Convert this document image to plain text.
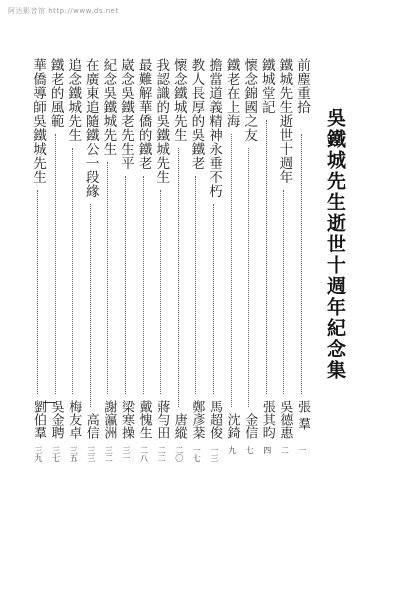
阿达影音馆 http://www.ds.net
吳鐵城先生逝世十週年紀念集
前塵重拾
張 羣
一
鐵城先生逝世十週年
吳德惠
二
鐵城堂記
張其昀
四
懷念錦國之友
金信
七
鐵老在上海
沈錡
九
擔當道義精神永垂不朽
馬超俊
一三
教人長厚的吳鐵老
鄭彥棻
一七
懷念鐵城先生
唐縱
二〇
我認識的吳鐵城先生
蔣勻田
二二
最難解華僑的鐵老
戴愧生
二八
崴念吳鐵老先生平
梁寒操
三一
紀念吳鐵城先生
謝瀛洲
三二
在廣東追隨鐵公一段緣
高信
三三
追念鐵城先生
梅友卓
三五
鐵老的風範
吳金聘
三七
華僑導師吳鐵城先生
劉伯羣
三九
